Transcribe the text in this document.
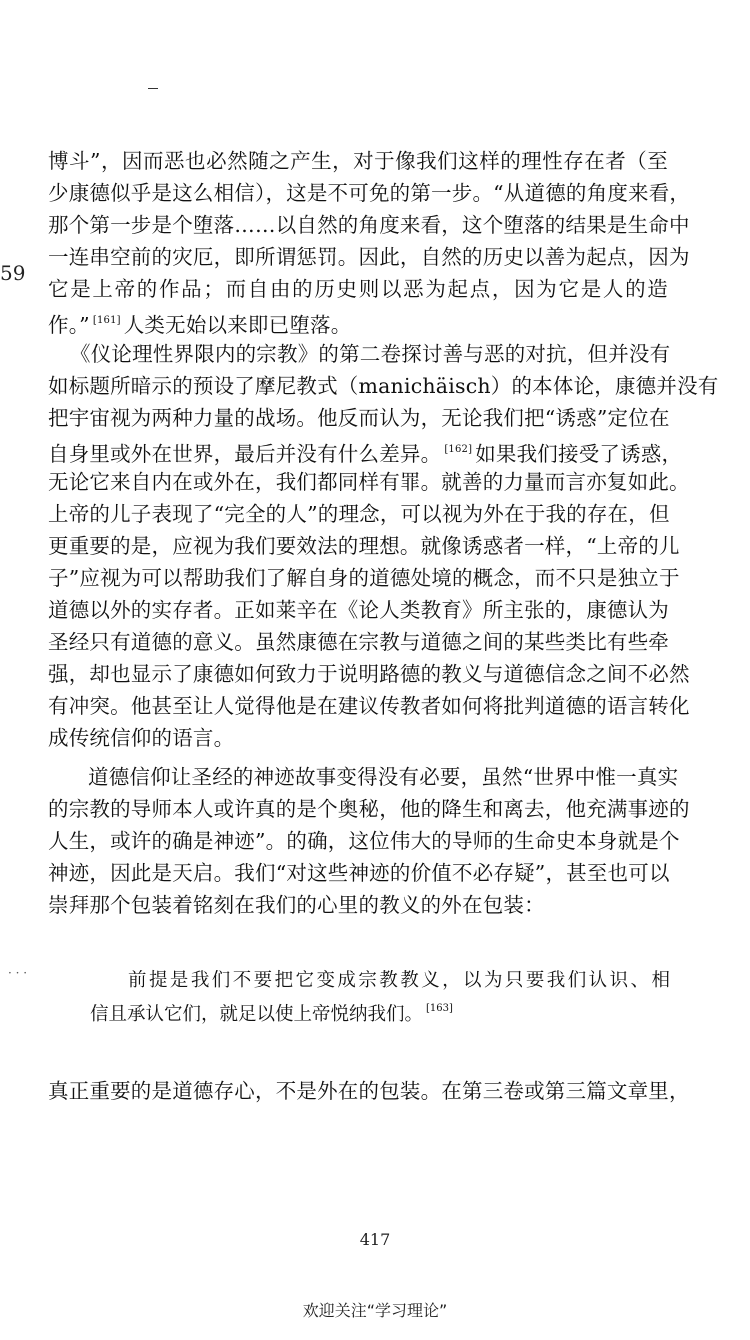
59
· · ·
博斗”，因而恶也必然随之产生，对于像我们这样的理性存在者（至
少康德似乎是这么相信），这是不可免的第一步。“从道德的角度来看，
那个第一步是个堕落……以自然的角度来看，这个堕落的结果是生命中
一连串空前的灾厄，即所谓惩罚。因此，自然的历史以善为起点，因为
它是上帝的作品；而自由的历史则以恶为起点，因为它是人的造
作。” [161] 人类无始以来即已堕落。
《仪论理性界限内的宗教》的第二卷探讨善与恶的对抗，但并没有
如标题所暗示的预设了摩尼教式（manichäisch）的本体论，康德并没有
把宇宙视为两种力量的战场。他反而认为，无论我们把“诱惑”定位在
自身里或外在世界，最后并没有什么差异。 [162] 如果我们接受了诱惑，
无论它来自内在或外在，我们都同样有罪。就善的力量而言亦复如此。
上帝的儿子表现了“完全的人”的理念，可以视为外在于我的存在，但
更重要的是，应视为我们要效法的理想。就像诱惑者一样，“上帝的儿
子”应视为可以帮助我们了解自身的道德处境的概念，而不只是独立于
道德以外的实存者。正如莱辛在《论人类教育》所主张的，康德认为
圣经只有道德的意义。虽然康德在宗教与道德之间的某些类比有些牵
强，却也显示了康德如何致力于说明路德的教义与道德信念之间不必然
有冲突。他甚至让人觉得他是在建议传教者如何将批判道德的语言转化
成传统信仰的语言。
道德信仰让圣经的神迹故事变得没有必要，虽然“世界中惟一真实
的宗教的导师本人或许真的是个奥秘，他的降生和离去，他充满事迹的
人生，或许的确是神迹”。的确，这位伟大的导师的生命史本身就是个
神迹，因此是天启。我们“对这些神迹的价值不必存疑”，甚至也可以
崇拜那个包装着铭刻在我们的心里的教义的外在包装：
前提是我们不要把它变成宗教教义，以为只要我们认识、相
信且承认它们，就足以使上帝悦纳我们。 [163]
真正重要的是道德存心，不是外在的包装。在第三卷或第三篇文章里，
417
欢迎关注“学习理论”
